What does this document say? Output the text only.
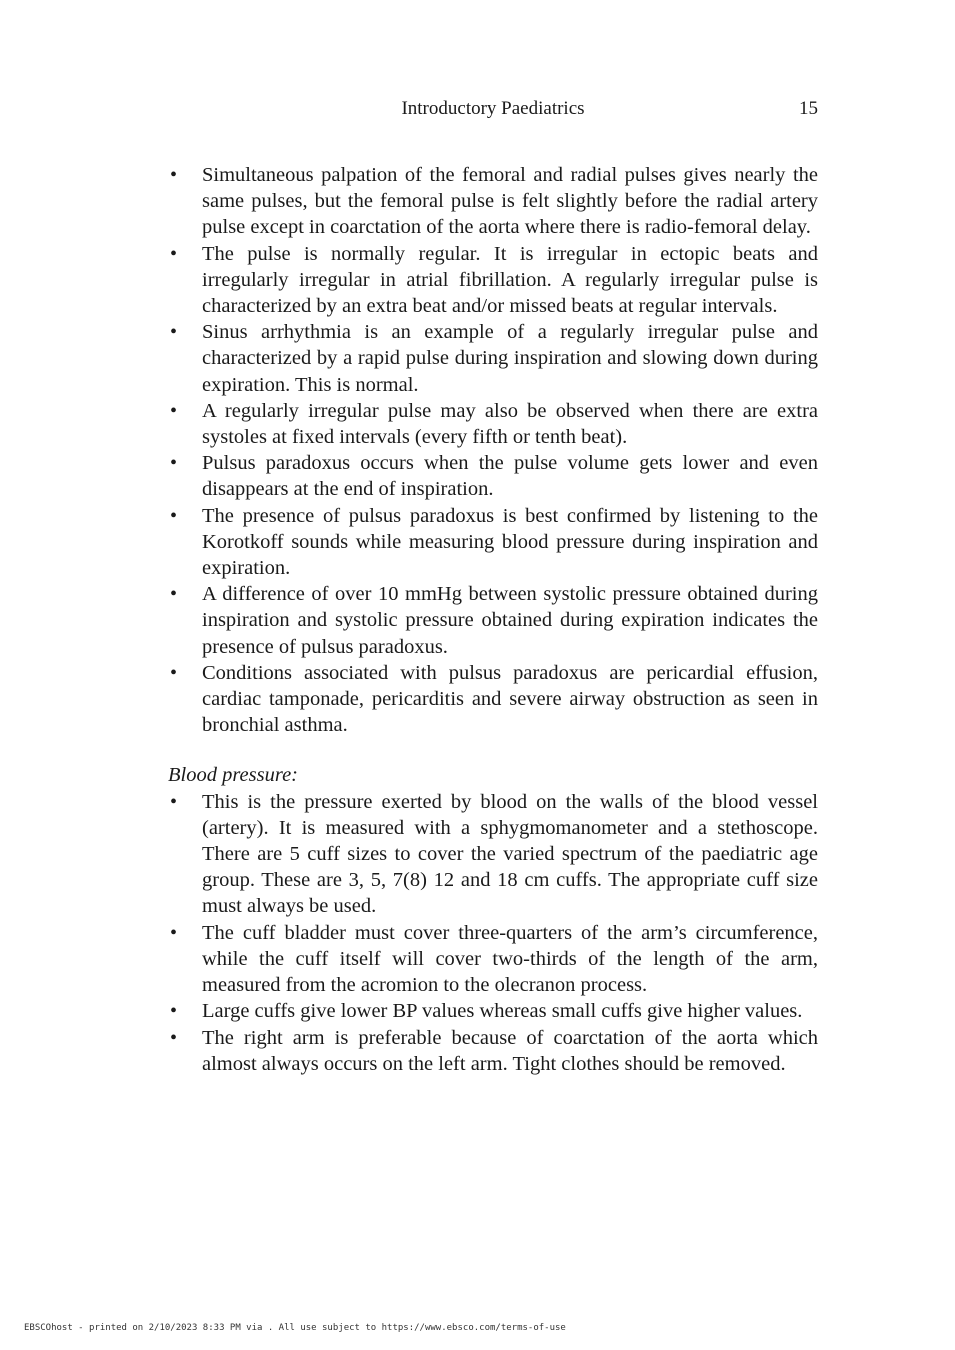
Introductory Paediatrics	15
• Simultaneous palpation of the femoral and radial pulses gives nearly the same pulses, but the femoral pulse is felt slightly before the radial artery pulse except in coarctation of the aorta where there is radio-femoral delay.
• The pulse is normally regular. It is irregular in ectopic beats and irregularly irregular in atrial fibrillation. A regularly irregular pulse is characterized by an extra beat and/or missed beats at regular intervals.
• Sinus arrhythmia is an example of a regularly irregular pulse and characterized by a rapid pulse during inspiration and slowing down during expiration. This is normal.
• A regularly irregular pulse may also be observed when there are extra systoles at fixed intervals (every fifth or tenth beat).
• Pulsus paradoxus occurs when the pulse volume gets lower and even disappears at the end of inspiration.
• The presence of pulsus paradoxus is best confirmed by listening to the Korotkoff sounds while measuring blood pressure during inspiration and expiration.
• A difference of over 10 mmHg between systolic pressure obtained during inspiration and systolic pressure obtained during expiration indicates the presence of pulsus paradoxus.
• Conditions associated with pulsus paradoxus are pericardial effusion, cardiac tamponade, pericarditis and severe airway obstruction as seen in bronchial asthma.

Blood pressure:

• This is the pressure exerted by blood on the walls of the blood vessel (artery). It is measured with a sphygmomanometer and a stethoscope. There are 5 cuff sizes to cover the varied spectrum of the paediatric age group. These are 3, 5, 7(8) 12 and 18 cm cuffs. The appropriate cuff size must always be used.
• The cuff bladder must cover three-quarters of the arm’s circumference, while the cuff itself will cover two-thirds of the length of the arm, measured from the acromion to the olecranon process.
• Large cuffs give lower BP values whereas small cuffs give higher values.
• The right arm is preferable because of coarctation of the aorta which almost always occurs on the left arm. Tight clothes should be removed.
EBSCOhost - printed on 2/10/2023 8:33 PM via . All use subject to https://www.ebsco.com/terms-of-use
